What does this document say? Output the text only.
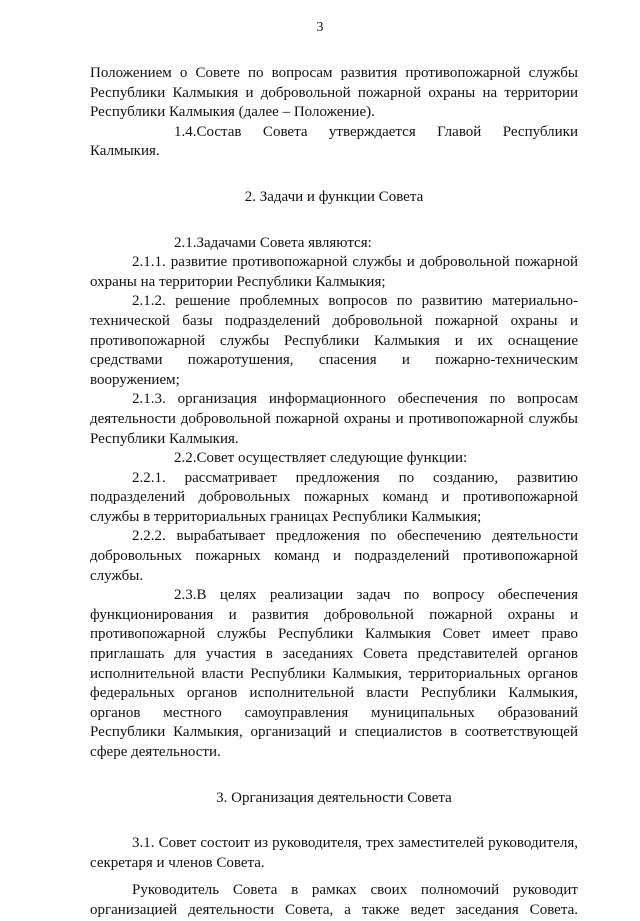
3

Положением о Совете по вопросам развития противопожарной службы Республики Калмыкия и добровольной пожарной охраны на территории Республики Калмыкия (далее – Положение).

1.4.Состав Совета утверждается Главой Республики Калмыкия.

2. Задачи и функции Совета

2.1.Задачами Совета являются:

2.1.1. развитие противопожарной службы и добровольной пожарной охраны на территории Республики Калмыкия;

2.1.2. решение проблемных вопросов по развитию материально-технической базы подразделений добровольной пожарной охраны и противопожарной службы Республики Калмыкия и их оснащение средствами пожаротушения, спасения и пожарно-техническим вооружением;

2.1.3. организация информационного обеспечения по вопросам деятельности добровольной пожарной охраны и противопожарной службы Республики Калмыкия.

2.2.Совет осуществляет следующие функции:

2.2.1. рассматривает предложения по созданию, развитию подразделений добровольных пожарных команд и противопожарной службы в территориальных границах Республики Калмыкия;

2.2.2. вырабатывает предложения по обеспечению деятельности добровольных пожарных команд и подразделений противопожарной службы.

2.3.В целях реализации задач по вопросу обеспечения функционирования и развития добровольной пожарной охраны и противопожарной службы Республики Калмыкия Совет имеет право приглашать для участия в заседаниях Совета представителей органов исполнительной власти Республики Калмыкия, территориальных органов федеральных органов исполнительной власти Республики Калмыкия, органов местного самоуправления муниципальных образований Республики Калмыкия, организаций и специалистов в соответствующей сфере деятельности.

3. Организация деятельности Совета

3.1. Совет состоит из руководителя, трех заместителей руководителя, секретаря и членов Совета.

Руководитель Совета в рамках своих полномочий руководит организацией деятельности Совета, а также ведет заседания Совета.
